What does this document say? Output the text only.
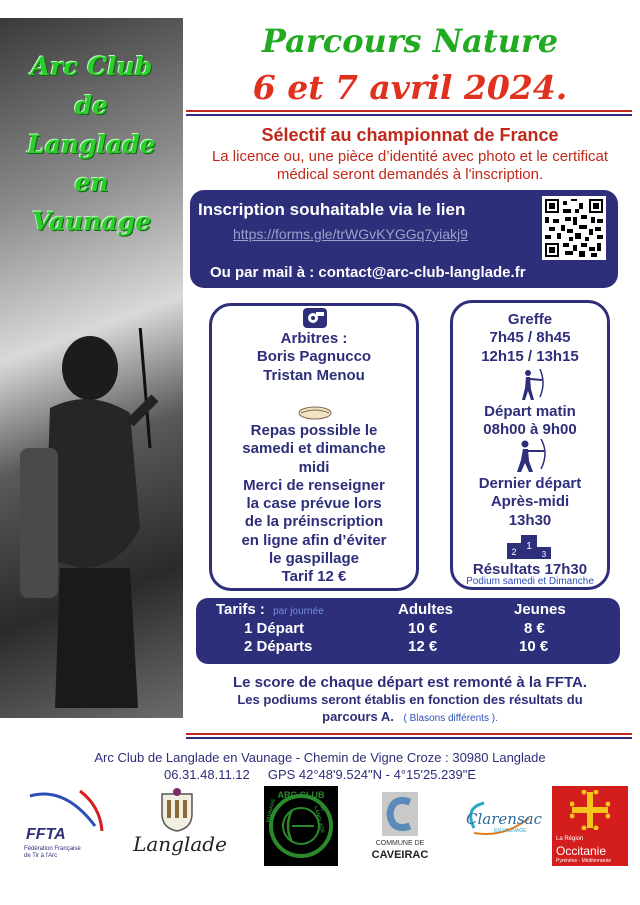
Arc Club
de
Langlade
en
Vaunage
Parcours Nature
6 et 7 avril 2024.
Sélectif au championnat de France
La licence ou, une pièce d’identité avec photo et le certificat médical seront demandés à l'inscription.
Inscription souhaitable via le lien
https://forms.gle/trWGvKYGGq7yiakj9
Ou par mail à : contact@arc-club-langlade.fr
Arbitres :
Boris Pagnucco
Tristan Menou
Repas possible le
samedi et dimanche
midi
Merci de renseigner
la case prévue lors
de la préinscription
en ligne afin d’éviter
le gaspillage
Tarif 12 €
Greffe
7h45 / 8h45
12h15 / 13h15
Départ matin
08h00 à 9h00
Dernier départ
Après-midi
13h30
1
2	3
Résultats 17h30
Podium samedi et Dimanche
Tarifs : par journée	Adultes	Jeunes
1 Départ	10 €	8 €
2 Départs	12 €	10 €
Le score de chaque départ est remonté à la FFTA.
Les podiums seront établis en fonction des résultats du
parcours A. ( Blasons différents ).
Arc Club de Langlade en Vaunage - Chemin de Vigne Croze : 30980 Langlade
06.31.48.11.12     GPS 42°48'9.524"N - 4°15'25.239"E
FFTA
Fédération Française
de Tir à l'Arc	Langlade
ARC CLUB
VAUNAGE	DE LANGLADE
COMMUNE DE
CAVEIRAC
Clarensac
EN VAUNAGE
La Région
Occitanie
Pyrénées - Méditerranée
